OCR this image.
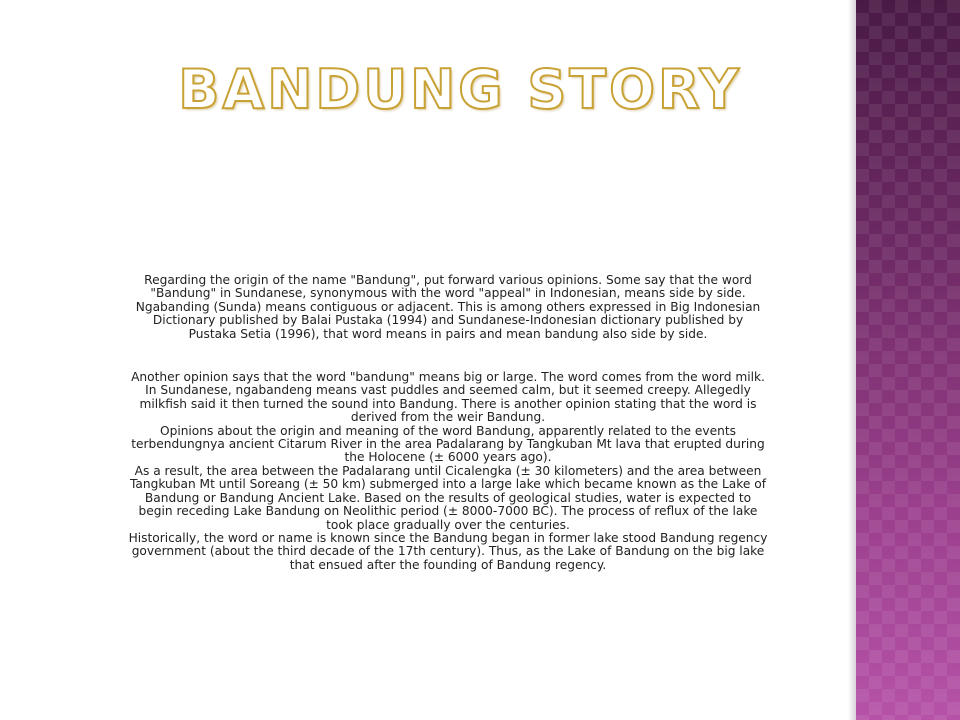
BANDUNG STORY

Regarding the origin of the name "Bandung", put forward various opinions. Some say that the word "Bandung" in Sundanese, synonymous with the word "appeal" in Indonesian, means side by side. Ngabanding (Sunda) means contiguous or adjacent. This is among others expressed in Big Indonesian Dictionary published by Balai Pustaka (1994) and Sundanese-Indonesian dictionary published by Pustaka Setia (1996), that word means in pairs and mean bandung also side by side.

Another opinion says that the word "bandung" means big or large. The word comes from the word milk. In Sundanese, ngabandeng means vast puddles and seemed calm, but it seemed creepy. Allegedly milkfish said it then turned the sound into Bandung. There is another opinion stating that the word is derived from the weir Bandung.

Opinions about the origin and meaning of the word Bandung, apparently related to the events terbendungnya ancient Citarum River in the area Padalarang by Tangkuban Mt lava that erupted during the Holocene (± 6000 years ago).

As a result, the area between the Padalarang until Cicalengka (± 30 kilometers) and the area between Tangkuban Mt until Soreang (± 50 km) submerged into a large lake which became known as the Lake of Bandung or Bandung Ancient Lake. Based on the results of geological studies, water is expected to begin receding Lake Bandung on Neolithic period (± 8000-7000 BC). The process of reflux of the lake took place gradually over the centuries.

Historically, the word or name is known since the Bandung began in former lake stood Bandung regency government (about the third decade of the 17th century). Thus, as the Lake of Bandung on the big lake that ensued after the founding of Bandung regency.
